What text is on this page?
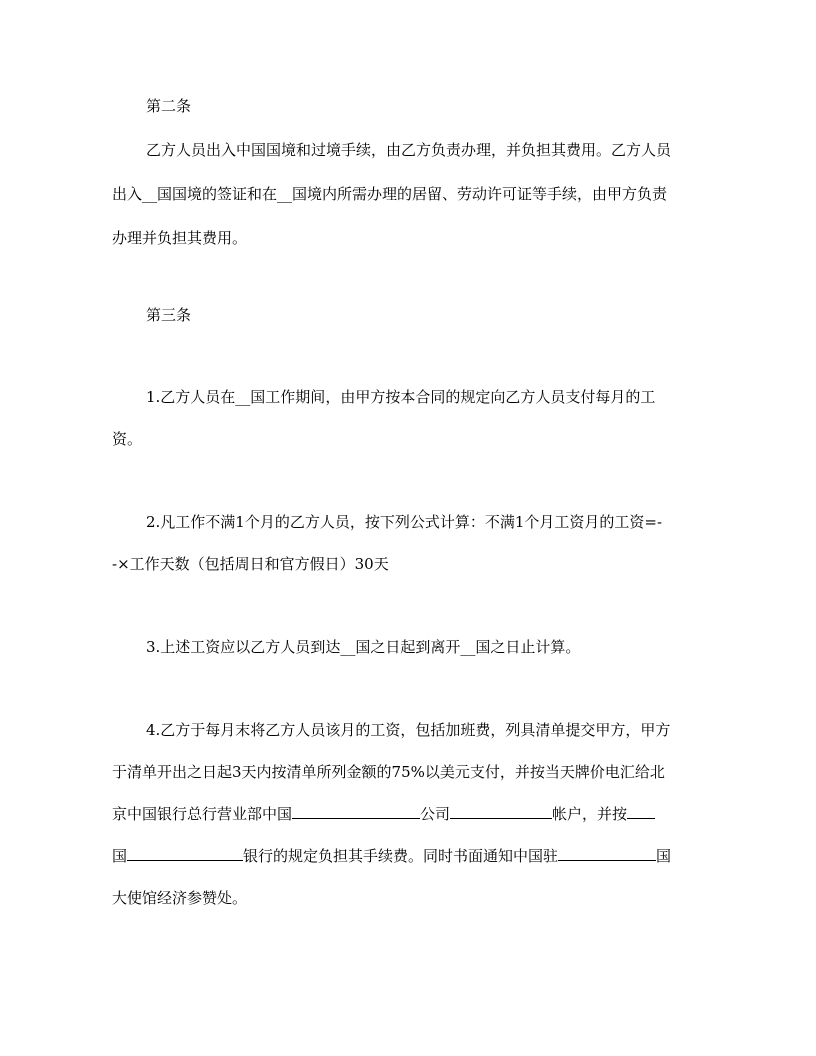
第二条
乙方人员出入中国国境和过境手续，由乙方负责办理，并负担其费用。乙方人员
出入__国国境的签证和在__国境内所需办理的居留、劳动许可证等手续，由甲方负责
办理并负担其费用。
第三条
1.乙方人员在__国工作期间，由甲方按本合同的规定向乙方人员支付每月的工
资。
2.凡工作不满1个月的乙方人员，按下列公式计算：不满1个月工资月的工资=-
-×工作天数（包括周日和官方假日）30天
3.上述工资应以乙方人员到达__国之日起到离开__国之日止计算。
4.乙方于每月末将乙方人员该月的工资，包括加班费，列具清单提交甲方，甲方
于清单开出之日起3天内按清单所列金额的75%以美元支付，并按当天牌价电汇给北
京中国银行总行营业部中国	公司	帐户，并按
国	银行的规定负担其手续费。同时书面通知中国驻	国
大使馆经济参赞处。
